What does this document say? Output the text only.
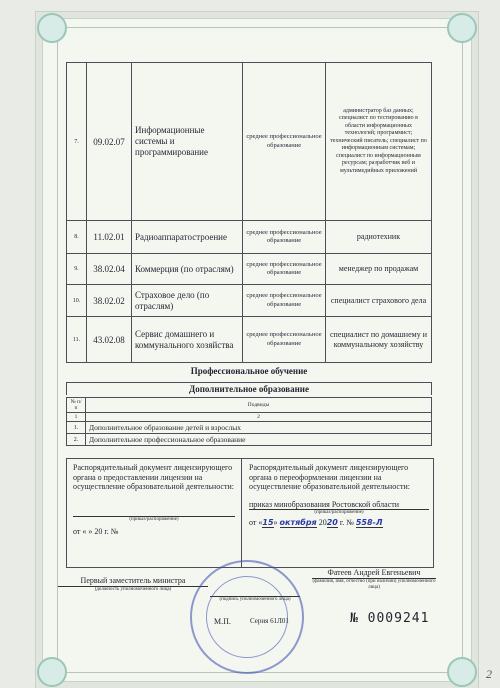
7.	09.02.07	Информационные системы и программирование	среднее профессиональное образование	администратор баз данных; специалист по тестированию в области информационных технологий; программист; технический писатель; специалист по информационным системам; специалист по информационным ресурсам; разработчик веб и мультимедийных приложений
8.	11.02.01	Радиоаппаратостроение	среднее профессиональное образование	радиотехник
9.	38.02.04	Коммерция (по отраслям)	среднее профессиональное образование	менеджер по продажам
10.	38.02.02	Страховое дело (по отраслям)	среднее профессиональное образование	специалист страхового дела
11.	43.02.08	Сервис домашнего и коммунального хозяйства	среднее профессиональное образование	специалист по домашнему и коммунальному хозяйству
Профессиональное обучение
Дополнительное образование
№ п/п	Подвиды
1	2
1.	Дополнительное образование детей и взрослых
2.	Дополнительное профессиональное образование
Распорядительный документ лицензирующего органа о предоставлении лицензии на осуществление образовательной деятельности:
(приказ/распоряжение)
от « » 20 г. №
Распорядительный документ лицензирующего органа о переоформлении лицензии на осуществление образовательной деятельности:
приказ минобразования Ростовской области
(приказ/распоряжение)
от «15» октября 2020 г. № 558-Л
Первый заместитель министра
(должность уполномоченного лица)
(подпись уполномоченного лица)
Фатеев Андрей Евгеньевич
(фамилия, имя, отчество (при наличии) уполномоченного лица)
М.П.	Серия 61Л01	№ 0009241
2
